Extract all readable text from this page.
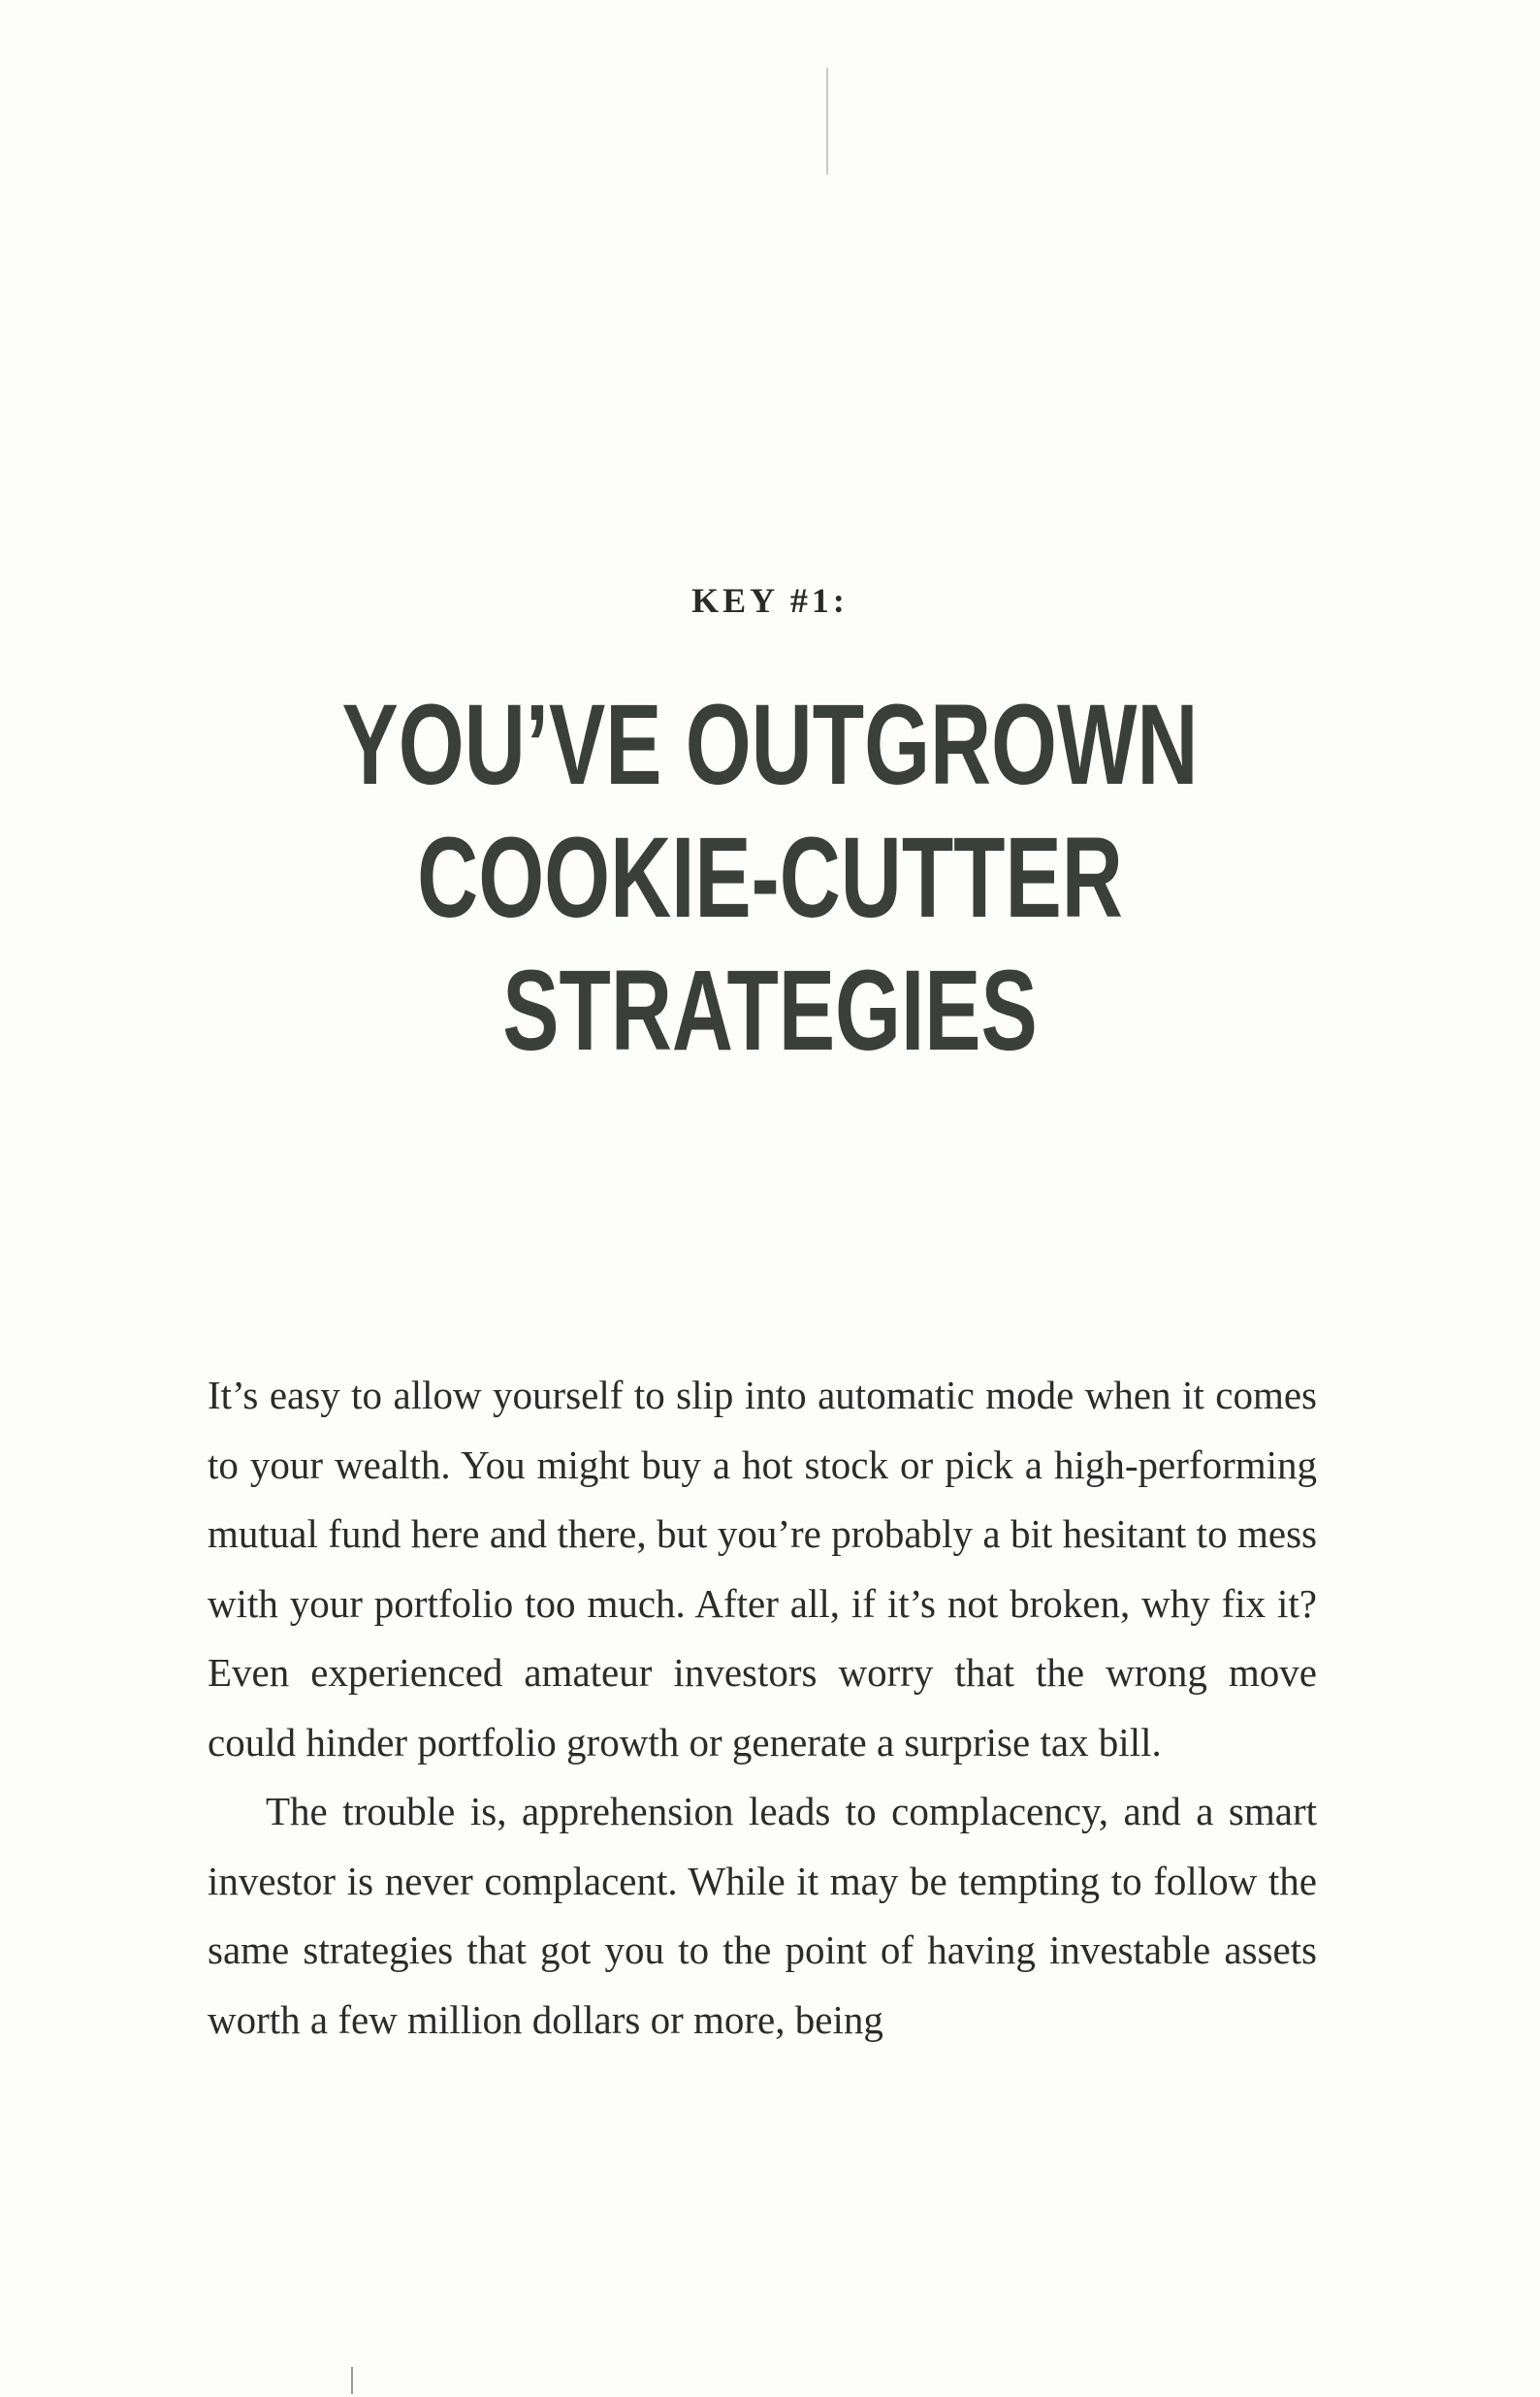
KEY #1:
YOU’VE OUTGROWN
COOKIE-CUTTER
STRATEGIES

It’s easy to allow yourself to slip into automatic mode when it comes to your wealth. You might buy a hot stock or pick a high-performing mutual fund here and there, but you’re probably a bit hesitant to mess with your portfolio too much. After all, if it’s not broken, why fix it? Even experienced amateur investors worry that the wrong move could hinder portfolio growth or generate a surprise tax bill.

The trouble is, apprehension leads to complacency, and a smart investor is never complacent. While it may be tempting to follow the same strategies that got you to the point of having investable assets worth a few million dollars or more, being
